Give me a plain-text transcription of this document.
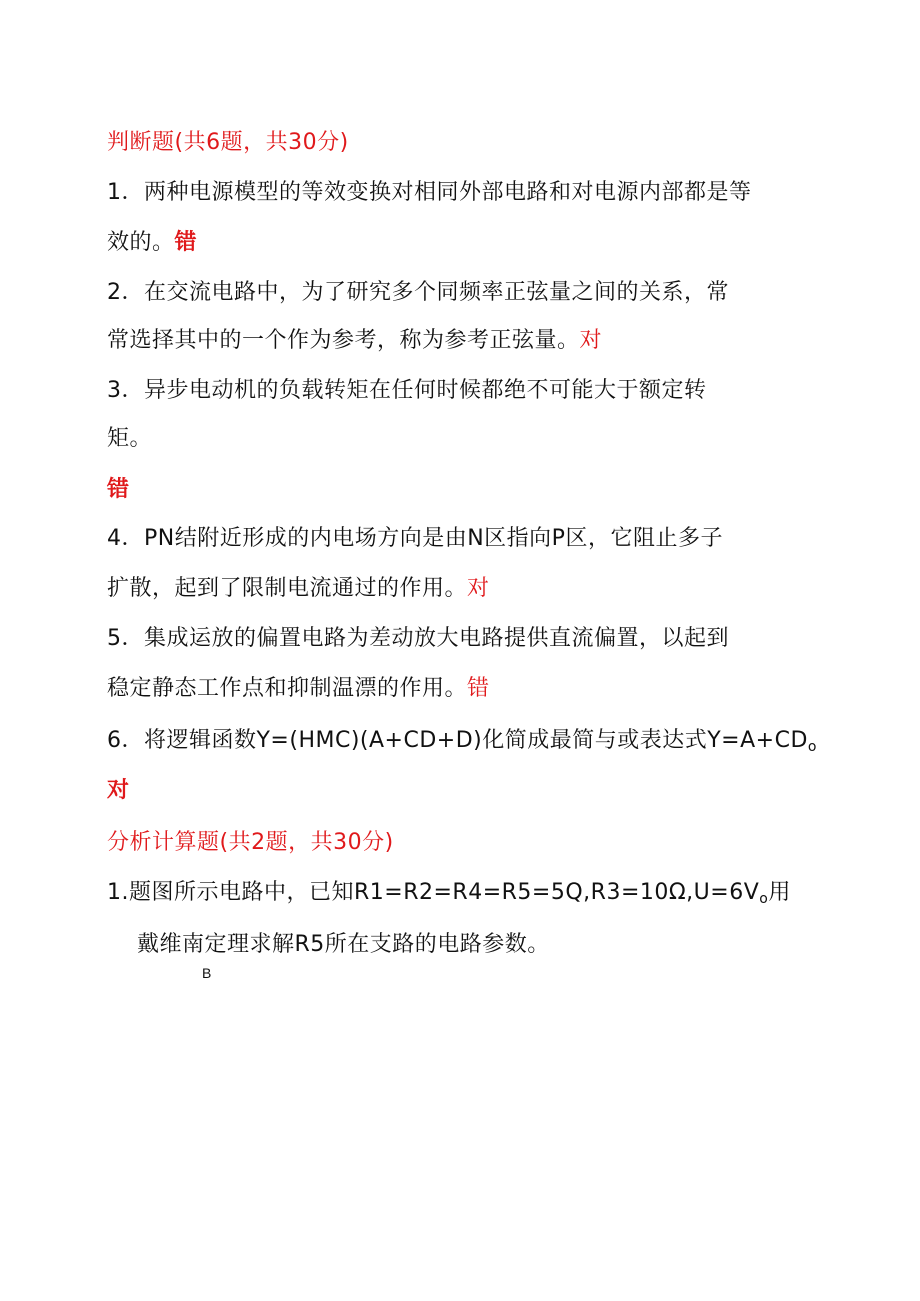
判断题(共6题，共30分)
1．两种电源模型的等效变换对相同外部电路和对电源内部都是等
效的。错
2．在交流电路中，为了研究多个同频率正弦量之间的关系，常
常选择其中的一个作为参考，称为参考正弦量。对
3．异步电动机的负载转矩在任何时候都绝不可能大于额定转
矩。
错
4．PN结附近形成的内电场方向是由N区指向P区，它阻止多子
扩散，起到了限制电流通过的作用。对
5．集成运放的偏置电路为差动放大电路提供直流偏置，以起到
稳定静态工作点和抑制温漂的作用。错
6．将逻辑函数Y=(HMC)(A+CD+D)化简成最简与或表达式$Y=A+CD_o$
对
分析计算题(共2题，共30分)
1.题图所示电路中，已知$R1=R2=R4=R5=5Q,R3=10\Omega,U=6V_o$用
戴维南定理求解R5所在支路的电路参数。
B
